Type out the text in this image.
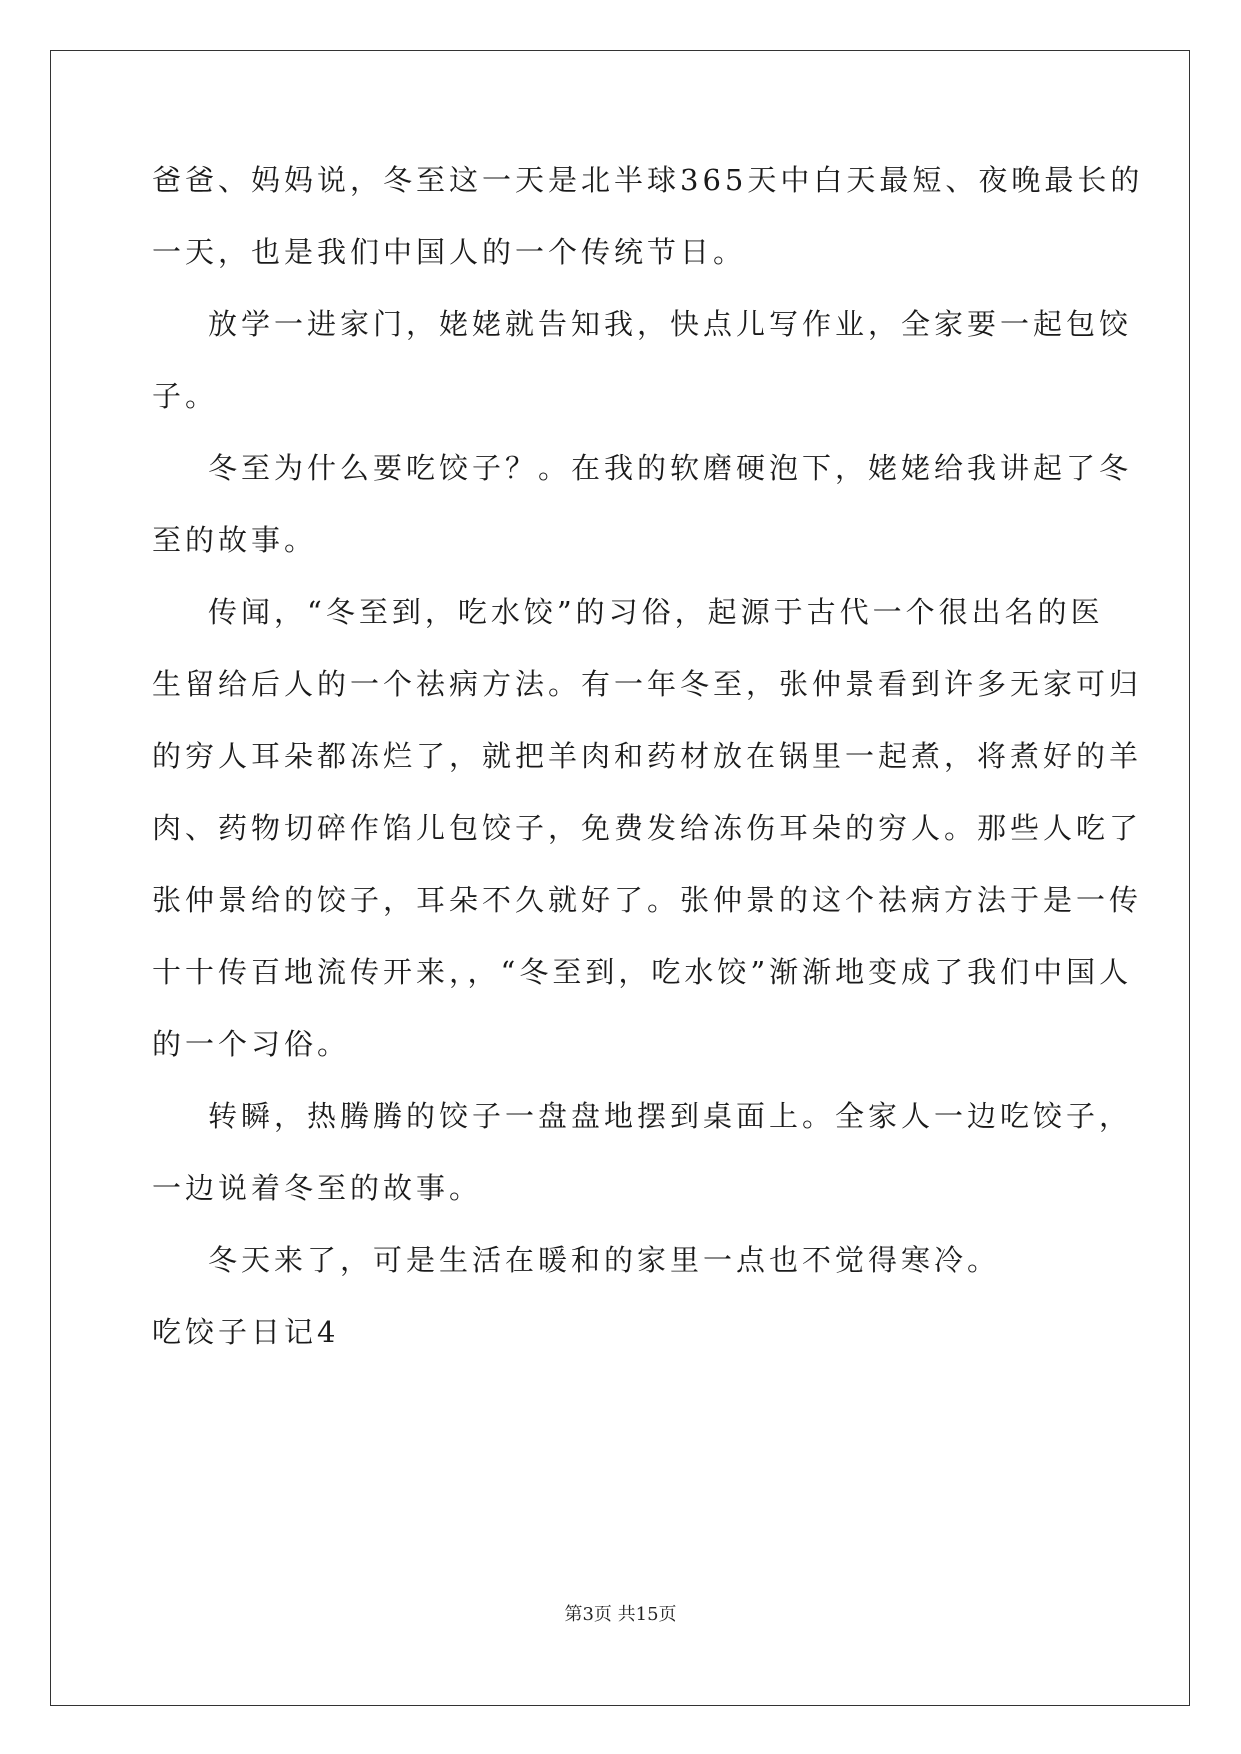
爸爸、妈妈说，冬至这一天是北半球365天中白天最短、夜晚最长的
一天，也是我们中国人的一个传统节日。
放学一进家门，姥姥就告知我，快点儿写作业，全家要一起包饺
子。
冬至为什么要吃饺子？。在我的软磨硬泡下，姥姥给我讲起了冬
至的故事。
传闻，“冬至到，吃水饺”的习俗，起源于古代一个很出名的医
生留给后人的一个祛病方法。有一年冬至，张仲景看到许多无家可归
的穷人耳朵都冻烂了，就把羊肉和药材放在锅里一起煮，将煮好的羊
肉、药物切碎作馅儿包饺子，免费发给冻伤耳朵的穷人。那些人吃了
张仲景给的饺子，耳朵不久就好了。张仲景的这个祛病方法于是一传
十十传百地流传开来，，“冬至到，吃水饺”渐渐地变成了我们中国人
的一个习俗。
转瞬，热腾腾的饺子一盘盘地摆到桌面上。全家人一边吃饺子，
一边说着冬至的故事。
冬天来了，可是生活在暖和的家里一点也不觉得寒冷。
吃饺子日记4
第3页 共15页
